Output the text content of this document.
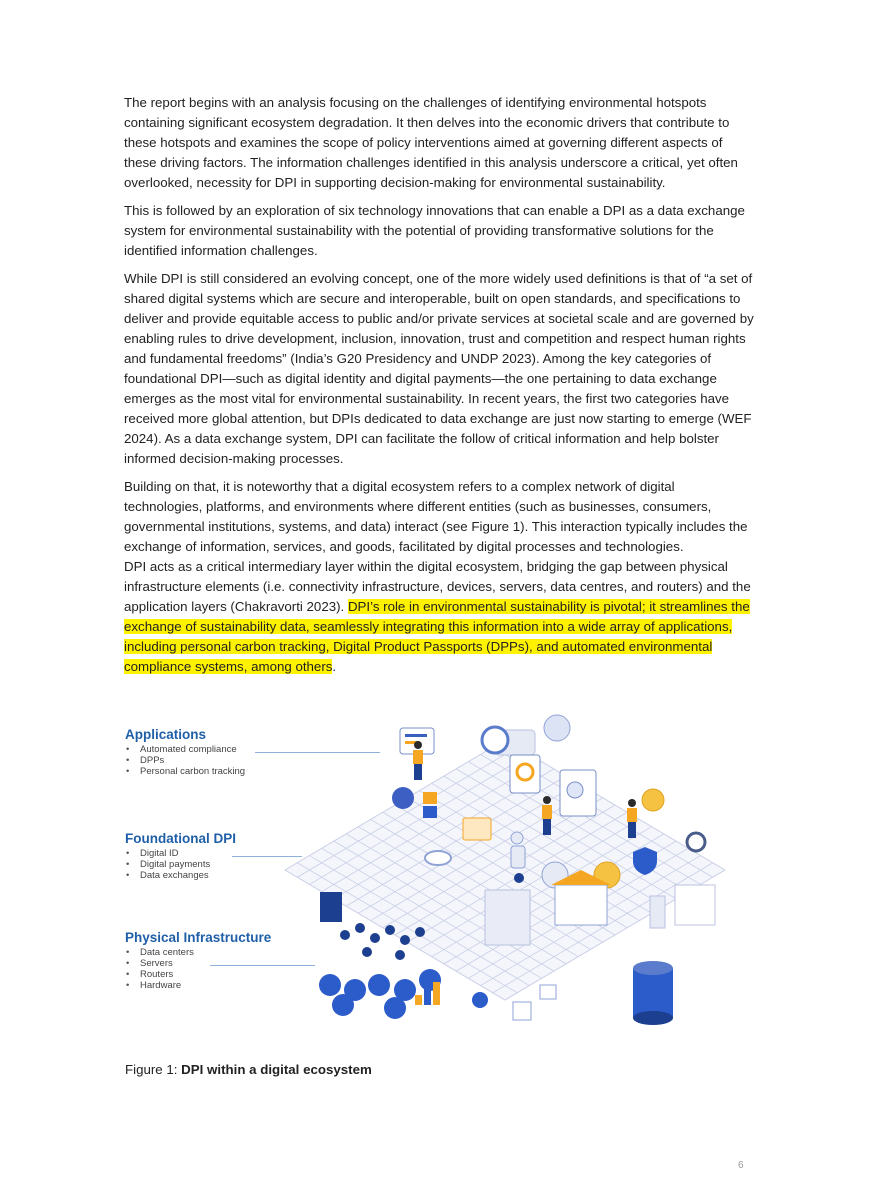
The report begins with an analysis focusing on the challenges of identifying environmental hotspots containing significant ecosystem degradation. It then delves into the economic drivers that contribute to these hotspots and examines the scope of policy interventions aimed at governing different aspects of these driving factors. The information challenges identified in this analysis underscore a critical, yet often overlooked, necessity for DPI in supporting decision-making for environmental sustainability.

This is followed by an exploration of six technology innovations that can enable a DPI as a data exchange system for environmental sustainability with the potential of providing transformative solutions for the identified information challenges.

While DPI is still considered an evolving concept, one of the more widely used definitions is that of “a set of shared digital systems which are secure and interoperable, built on open standards, and specifications to deliver and provide equitable access to public and/or private services at societal scale and are governed by enabling rules to drive development, inclusion, innovation, trust and competition and respect human rights and fundamental freedoms” (India’s G20 Presidency and UNDP 2023). Among the key categories of foundational DPI—such as digital identity and digital payments—the one pertaining to data exchange emerges as the most vital for environmental sustainability. In recent years, the first two categories have received more global attention, but DPIs dedicated to data exchange are just now starting to emerge (WEF 2024). As a data exchange system, DPI can facilitate the follow of critical information and help bolster informed decision-making processes.

Building on that, it is noteworthy that a digital ecosystem refers to a complex network of digital technologies, platforms, and environments where different entities (such as businesses, consumers, governmental institutions, systems, and data) interact (see Figure 1). This interaction typically includes the exchange of information, services, and goods, facilitated by digital processes and technologies.
DPI acts as a critical intermediary layer within the digital ecosystem, bridging the gap between physical infrastructure elements (i.e. connectivity infrastructure, devices, servers, data centres, and routers) and the application layers (Chakravorti 2023). DPI’s role in environmental sustainability is pivotal; it streamlines the exchange of sustainability data, seamlessly integrating this information into a wide array of applications, including personal carbon tracking, Digital Product Passports (DPPs), and automated environmental compliance systems, among others.

Applications
• Automated compliance
• DPPs
• Personal carbon tracking
Foundational DPI
• Digital ID
• Digital payments
• Data exchanges
Physical Infrastructure
• Data centers
• Servers
• Routers
• Hardware
Figure 1: DPI within a digital ecosystem
6
